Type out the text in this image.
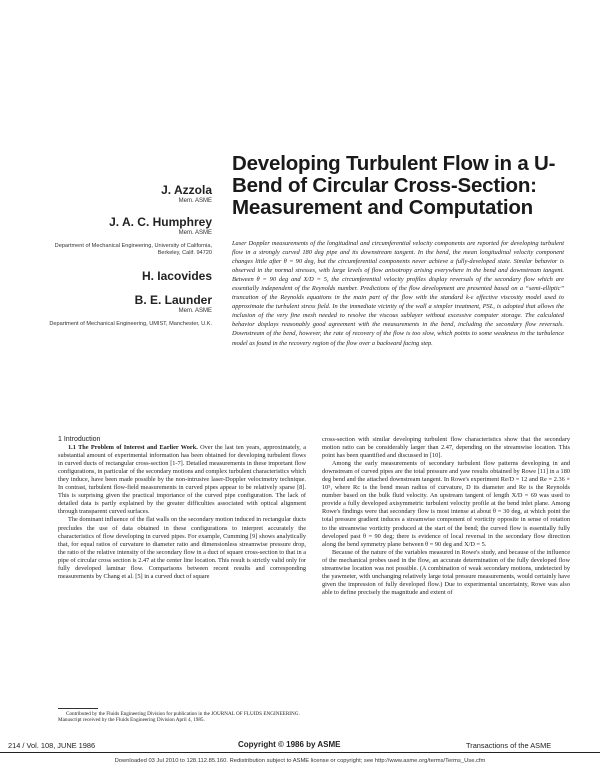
Developing Turbulent Flow in a U-Bend of Circular Cross-Section: Measurement and Computation
J. Azzola
Mem. ASME
J. A. C. Humphrey
Mem. ASME
Department of Mechanical Engineering, University of California, Berkeley, Calif. 94720
H. Iacovides
B. E. Launder
Mem. ASME
Department of Mechanical Engineering, UMIST, Manchester, U.K.
Laser Doppler measurements of the longitudinal and circumferential velocity components are reported for developing turbulent flow in a strongly curved 180 deg pipe and its downstream tangent. In the bend, the mean longitudinal velocity component changes little after θ = 90 deg, but the circumferential components never achieve a fully-developed state. Similar behavior is observed in the normal stresses, with large levels of flow anisotropy arising everywhere in the bend and downstream tangent. Between θ = 90 deg and X/D = 5, the circumferential velocity profiles display reversals of the secondary flow which are essentially independent of the Reynolds number. Predictions of the flow development are presented based on a “semi-elliptic” truncation of the Reynolds equations in the main part of the flow with the standard k-ε effective viscosity model used to approximate the turbulent stress field. In the immediate vicinity of the wall a simpler treatment, PSL, is adopted that allows the inclusion of the very fine mesh needed to resolve the viscous sublayer without excessive computer storage. The calculated behavior displays reasonably good agreement with the measurements in the bend, including the secondary flow reversals. Downstream of the bend, however, the rate of recovery of the flow is too slow, which points to some weakness in the turbulence model as found in the recovery region of the flow over a backward facing step.

1 Introduction

1.1 The Problem of Interest and Earlier Work. Over the last ten years, approximately, a substantial amount of experimental information has been obtained for developing turbulent flows in curved ducts of rectangular cross-section [1-7]. Detailed measurements in these important flow configurations, in particular of the secondary motions and complex turbulent characteristics which they induce, have been made possible by the non-intrusive laser-Doppler velocimetry technique. In contrast, turbulent flow-field measurements in curved pipes appear to be relatively sparse [8]. This is surprising given the practical importance of the curved pipe configuration. The lack of detailed data is partly explained by the greater difficulties associated with optical alignment through transparent curved surfaces.

The dominant influence of the flat walls on the secondary motion induced in rectangular ducts precludes the use of data obtained in these configurations to interpret accurately the characteristics of flow developing in curved pipes. For example, Cumming [9] shows analytically that, for equal ratios of curvature to diameter ratio and dimensionless streamwise pressure drop, the ratio of the relative intensity of the secondary flow in a duct of square cross-section to that in a pipe of circular cross section is 2.47 at the center line location. This result is strictly valid only for fully developed laminar flow. Comparisons between recent results and corresponding measurements by Chang et al. [5] in a curved duct of square

cross-section with similar developing turbulent flow characteristics show that the secondary motion ratio can be considerably larger than 2.47, depending on the streamwise location. This point has been quantified and discussed in [10].

Among the early measurements of secondary turbulent flow patterns developing in and downstream of curved pipes are the total pressure and yaw results obtained by Rowe [11] in a 180 deg bend and the attached downstream tangent. In Rowe's experiment Re/D = 12 and Re = 2.36 × 10⁵, where Rc is the bend mean radius of curvature, D its diameter and Re is the Reynolds number based on the bulk fluid velocity. An upstream tangent of length X/D = 69 was used to provide a fully developed axisymmetric turbulent velocity profile at the bend inlet plane. Among Rowe's findings were that secondary flow is most intense at about θ = 30 deg, at which point the total pressure gradient induces a streamwise component of vorticity opposite in sense of rotation to the streamwise vorticity produced at the start of the bend; the curved flow is essentially fully developed past θ = 90 deg; there is evidence of local reversal in the secondary flow direction along the bend symmetry plane between θ = 90 deg and X/D = 5.

Because of the nature of the variables measured in Rowe's study, and because of the influence of the mechanical probes used in the flow, an accurate determination of the fully developed flow streamwise location was not possible. (A combination of weak secondary motions, undetected by the yawmeter, with unchanging relatively large total pressure measurements, would certainly have given the impression of fully developed flow.) Due to experimental uncertainty, Rowe was also able to define precisely the magnitude and extent of

Contributed by the Fluids Engineering Division for publication in the JOURNAL OF FLUIDS ENGINEERING. Manuscript received by the Fluids Engineering Division April 4, 1985.
214 / Vol. 108, JUNE 1986	Copyright © 1986 by ASME	Transactions of the ASME
Downloaded 03 Jul 2010 to 128.112.85.160. Redistribution subject to ASME license or copyright; see http://www.asme.org/terms/Terms_Use.cfm
